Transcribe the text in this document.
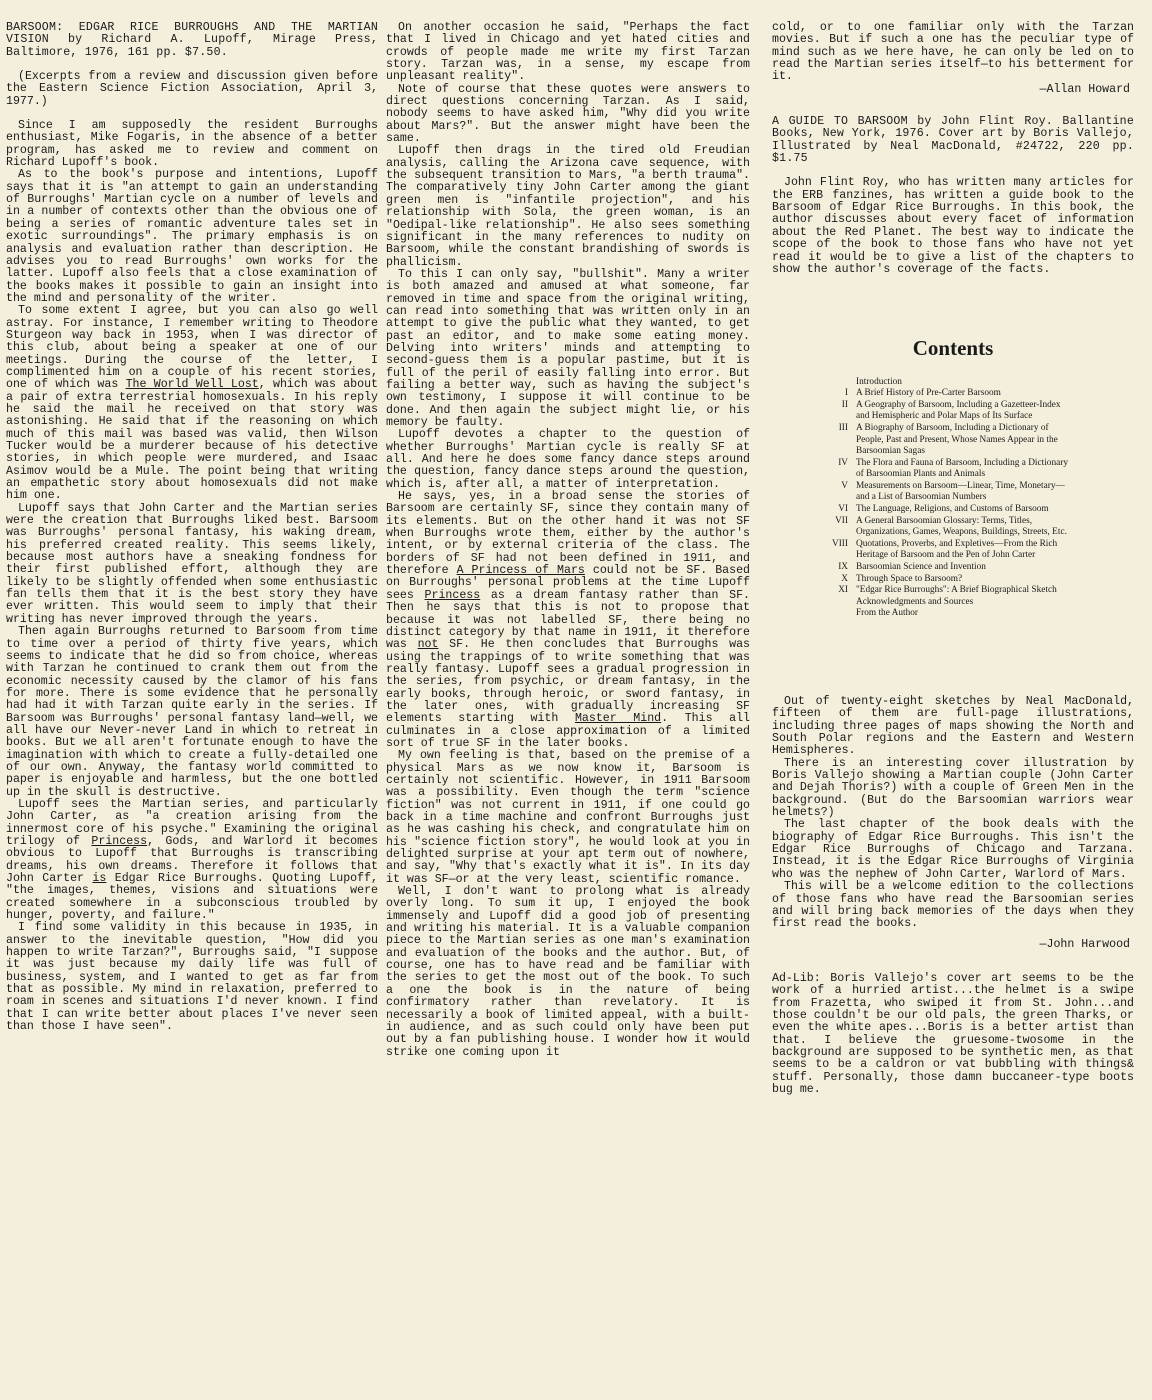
BARSOOM: EDGAR RICE BURROUGHS AND THE MARTIAN VISION by Richard A. Lupoff, Mirage Press, Baltimore, 1976, 161 pp. $7.50.

(Excerpts from a review and discussion given before the Eastern Science Fiction Association, April 3, 1977.)

Since I am supposedly the resident Burroughs enthusiast, Mike Fogaris, in the absence of a better program, has asked me to review and comment on Richard Lupoff's book.

As to the book's purpose and intentions, Lupoff says that it is "an attempt to gain an understanding of Burroughs' Martian cycle on a number of levels and in a number of contexts other than the obvious one of being a series of romantic adventure tales set in exotic surroundings". The primary emphasis is on analysis and evaluation rather than description. He advises you to read Burroughs' own works for the latter. Lupoff also feels that a close examination of the books makes it possible to gain an insight into the mind and personality of the writer.

To some extent I agree, but you can also go well astray. For instance, I remember writing to Theodore Sturgeon way back in 1953, when I was director of this club, about being a speaker at one of our meetings. During the course of the letter, I complimented him on a couple of his recent stories, one of which was The World Well Lost, which was about a pair of extra terrestrial homosexuals. In his reply he said the mail he received on that story was astonishing. He said that if the reasoning on which much of this mail was based was valid, then Wilson Tucker would be a murderer because of his detective stories, in which people were murdered, and Isaac Asimov would be a Mule. The point being that writing an empathetic story about homosexuals did not make him one.

Lupoff says that John Carter and the Martian series were the creation that Burroughs liked best. Barsoom was Burroughs' personal fantasy, his waking dream, his preferred created reality. This seems likely, because most authors have a sneaking fondness for their first published effort, although they are likely to be slightly offended when some enthusiastic fan tells them that it is the best story they have ever written. This would seem to imply that their writing has never improved through the years.

Then again Burroughs returned to Barsoom from time to time over a period of thirty five years, which seems to indicate that he did so from choice, whereas with Tarzan he continued to crank them out from the economic necessity caused by the clamor of his fans for more. There is some evidence that he personally had had it with Tarzan quite early in the series. If Barsoom was Burroughs' personal fantasy land—well, we all have our Never-never Land in which to retreat in books. But we all aren't fortunate enough to have the imagination with which to create a fully-detailed one of our own. Anyway, the fantasy world committed to paper is enjoyable and harmless, but the one bottled up in the skull is destructive.

Lupoff sees the Martian series, and particularly John Carter, as "a creation arising from the innermost core of his psyche." Examining the original trilogy of Princess, Gods, and Warlord it becomes obvious to Lupoff that Burroughs is transcribing dreams, his own dreams. Therefore it follows that John Carter is Edgar Rice Burroughs. Quoting Lupoff, "the images, themes, visions and situations were created somewhere in a subconscious troubled by hunger, poverty, and failure."

I find some validity in this because in 1935, in answer to the inevitable question, "How did you happen to write Tarzan?", Burroughs said, "I suppose it was just because my daily life was full of business, system, and I wanted to get as far from that as possible. My mind in relaxation, preferred to roam in scenes and situations I'd never known. I find that I can write better about places I've never seen than those I have seen".

On another occasion he said, "Perhaps the fact that I lived in Chicago and yet hated cities and crowds of people made me write my first Tarzan story. Tarzan was, in a sense, my escape from unpleasant reality".

Note of course that these quotes were answers to direct questions concerning Tarzan. As I said, nobody seems to have asked him, "Why did you write about Mars?". But the answer might have been the same.

Lupoff then drags in the tired old Freudian analysis, calling the Arizona cave sequence, with the subsequent transition to Mars, "a berth trauma". The comparatively tiny John Carter among the giant green men is "infantile projection", and his relationship with Sola, the green woman, is an "Oedipal-like relationship". He also sees something significant in the many references to nudity on Barsoom, while the constant brandishing of swords is phallicism.

To this I can only say, "bullshit". Many a writer is both amazed and amused at what someone, far removed in time and space from the original writing, can read into something that was written only in an attempt to give the public what they wanted, to get past an editor, and to make some eating money. Delving into writers' minds and attempting to second-guess them is a popular pastime, but it is full of the peril of easily falling into error. But failing a better way, such as having the subject's own testimony, I suppose it will continue to be done. And then again the subject might lie, or his memory be faulty.

Lupoff devotes a chapter to the question of whether Burroughs' Martian cycle is really SF at all. And here he does some fancy dance steps around the question, fancy dance steps around the question, which is, after all, a matter of interpretation.

He says, yes, in a broad sense the stories of Barsoom are certainly SF, since they contain many of its elements. But on the other hand it was not SF when Burroughs wrote them, either by the author's intent, or by external criteria of the class. The borders of SF had not been defined in 1911, and therefore A Princess of Mars could not be SF. Based on Burroughs' personal problems at the time Lupoff sees Princess as a dream fantasy rather than SF. Then he says that this is not to propose that because it was not labelled SF, there being no distinct category by that name in 1911, it therefore was not SF. He then concludes that Burroughs was using the trappings of to write something that was really fantasy. Lupoff sees a gradual progression in the series, from psychic, or dream fantasy, in the early books, through heroic, or sword fantasy, in the later ones, with gradually increasing SF elements starting with Master Mind. This all culminates in a close approximation of a limited sort of true SF in the later books.

My own feeling is that, based on the premise of a physical Mars as we now know it, Barsoom is certainly not scientific. However, in 1911 Barsoom was a possibility. Even though the term "science fiction" was not current in 1911, if one could go back in a time machine and confront Burroughs just as he was cashing his check, and congratulate him on his "science fiction story", he would look at you in delighted surprise at your apt term out of nowhere, and say, "Why that's exactly what it is". In its day it was SF—or at the very least, scientific romance.

Well, I don't want to prolong what is already overly long. To sum it up, I enjoyed the book immensely and Lupoff did a good job of presenting and writing his material. It is a valuable companion piece to the Martian series as one man's examination and evaluation of the books and the author. But, of course, one has to have read and be familiar with the series to get the most out of the book. To such a one the book is in the nature of being confirmatory rather than revelatory. It is necessarily a book of limited appeal, with a built-in audience, and as such could only have been put out by a fan publishing house. I wonder how it would strike one coming upon it

cold, or to one familiar only with the Tarzan movies. But if such a one has the peculiar type of mind such as we here have, he can only be led on to read the Martian series itself—to his betterment for it.

—Allan Howard

A GUIDE TO BARSOOM by John Flint Roy. Ballantine Books, New York, 1976. Cover art by Boris Vallejo, Illustrated by Neal MacDonald, #24722, 220 pp. $1.75

John Flint Roy, who has written many articles for the ERB fanzines, has written a guide book to the Barsoom of Edgar Rice Burroughs. In this book, the author discusses about every facet of information about the Red Planet. The best way to indicate the scope of the book to those fans who have not yet read it would be to give a list of the chapters to show the author's coverage of the facts.

Contents
Introduction
I A Brief History of Pre-Carter Barsoom
II A Geography of Barsoom, Including a Gazetteer-Index and Hemispheric and Polar Maps of Its Surface
III A Biography of Barsoom, Including a Dictionary of People, Past and Present, Whose Names Appear in the Barsoomian Sagas
IV The Flora and Fauna of Barsoom, Including a Dictionary of Barsoomian Plants and Animals
V Measurements on Barsoom—Linear, Time, Monetary—and a List of Barsoomian Numbers
VI The Language, Religions, and Customs of Barsoom
VII A General Barsoomian Glossary: Terms, Titles, Organizations, Games, Weapons, Buildings, Streets, Etc.
VIII Quotations, Proverbs, and Expletives—From the Rich Heritage of Barsoom and the Pen of John Carter
IX Barsoomian Science and Invention
X Through Space to Barsoom?
XI "Edgar Rice Burroughs": A Brief Biographical Sketch
Acknowledgments and Sources
From the Author

Out of twenty-eight sketches by Neal MacDonald, fifteen of them are full-page illustrations, including three pages of maps showing the North and South Polar regions and the Eastern and Western Hemispheres.

There is an interesting cover illustration by Boris Vallejo showing a Martian couple (John Carter and Dejah Thoris?) with a couple of Green Men in the background. (But do the Barsoomian warriors wear helmets?)

The last chapter of the book deals with the biography of Edgar Rice Burroughs. This isn't the Edgar Rice Burroughs of Chicago and Tarzana. Instead, it is the Edgar Rice Burroughs of Virginia who was the nephew of John Carter, Warlord of Mars.

This will be a welcome edition to the collections of those fans who have read the Barsoomian series and will bring back memories of the days when they first read the books.

—John Harwood

Ad-Lib: Boris Vallejo's cover art seems to be the work of a hurried artist...the helmet is a swipe from Frazetta, who swiped it from St. John...and those couldn't be our old pals, the green Tharks, or even the white apes...Boris is a better artist than that. I believe the gruesome-twosome in the background are supposed to be synthetic men, as that seems to be a caldron or vat bubbling with things& stuff. Personally, those damn buccaneer-type boots bug me.
